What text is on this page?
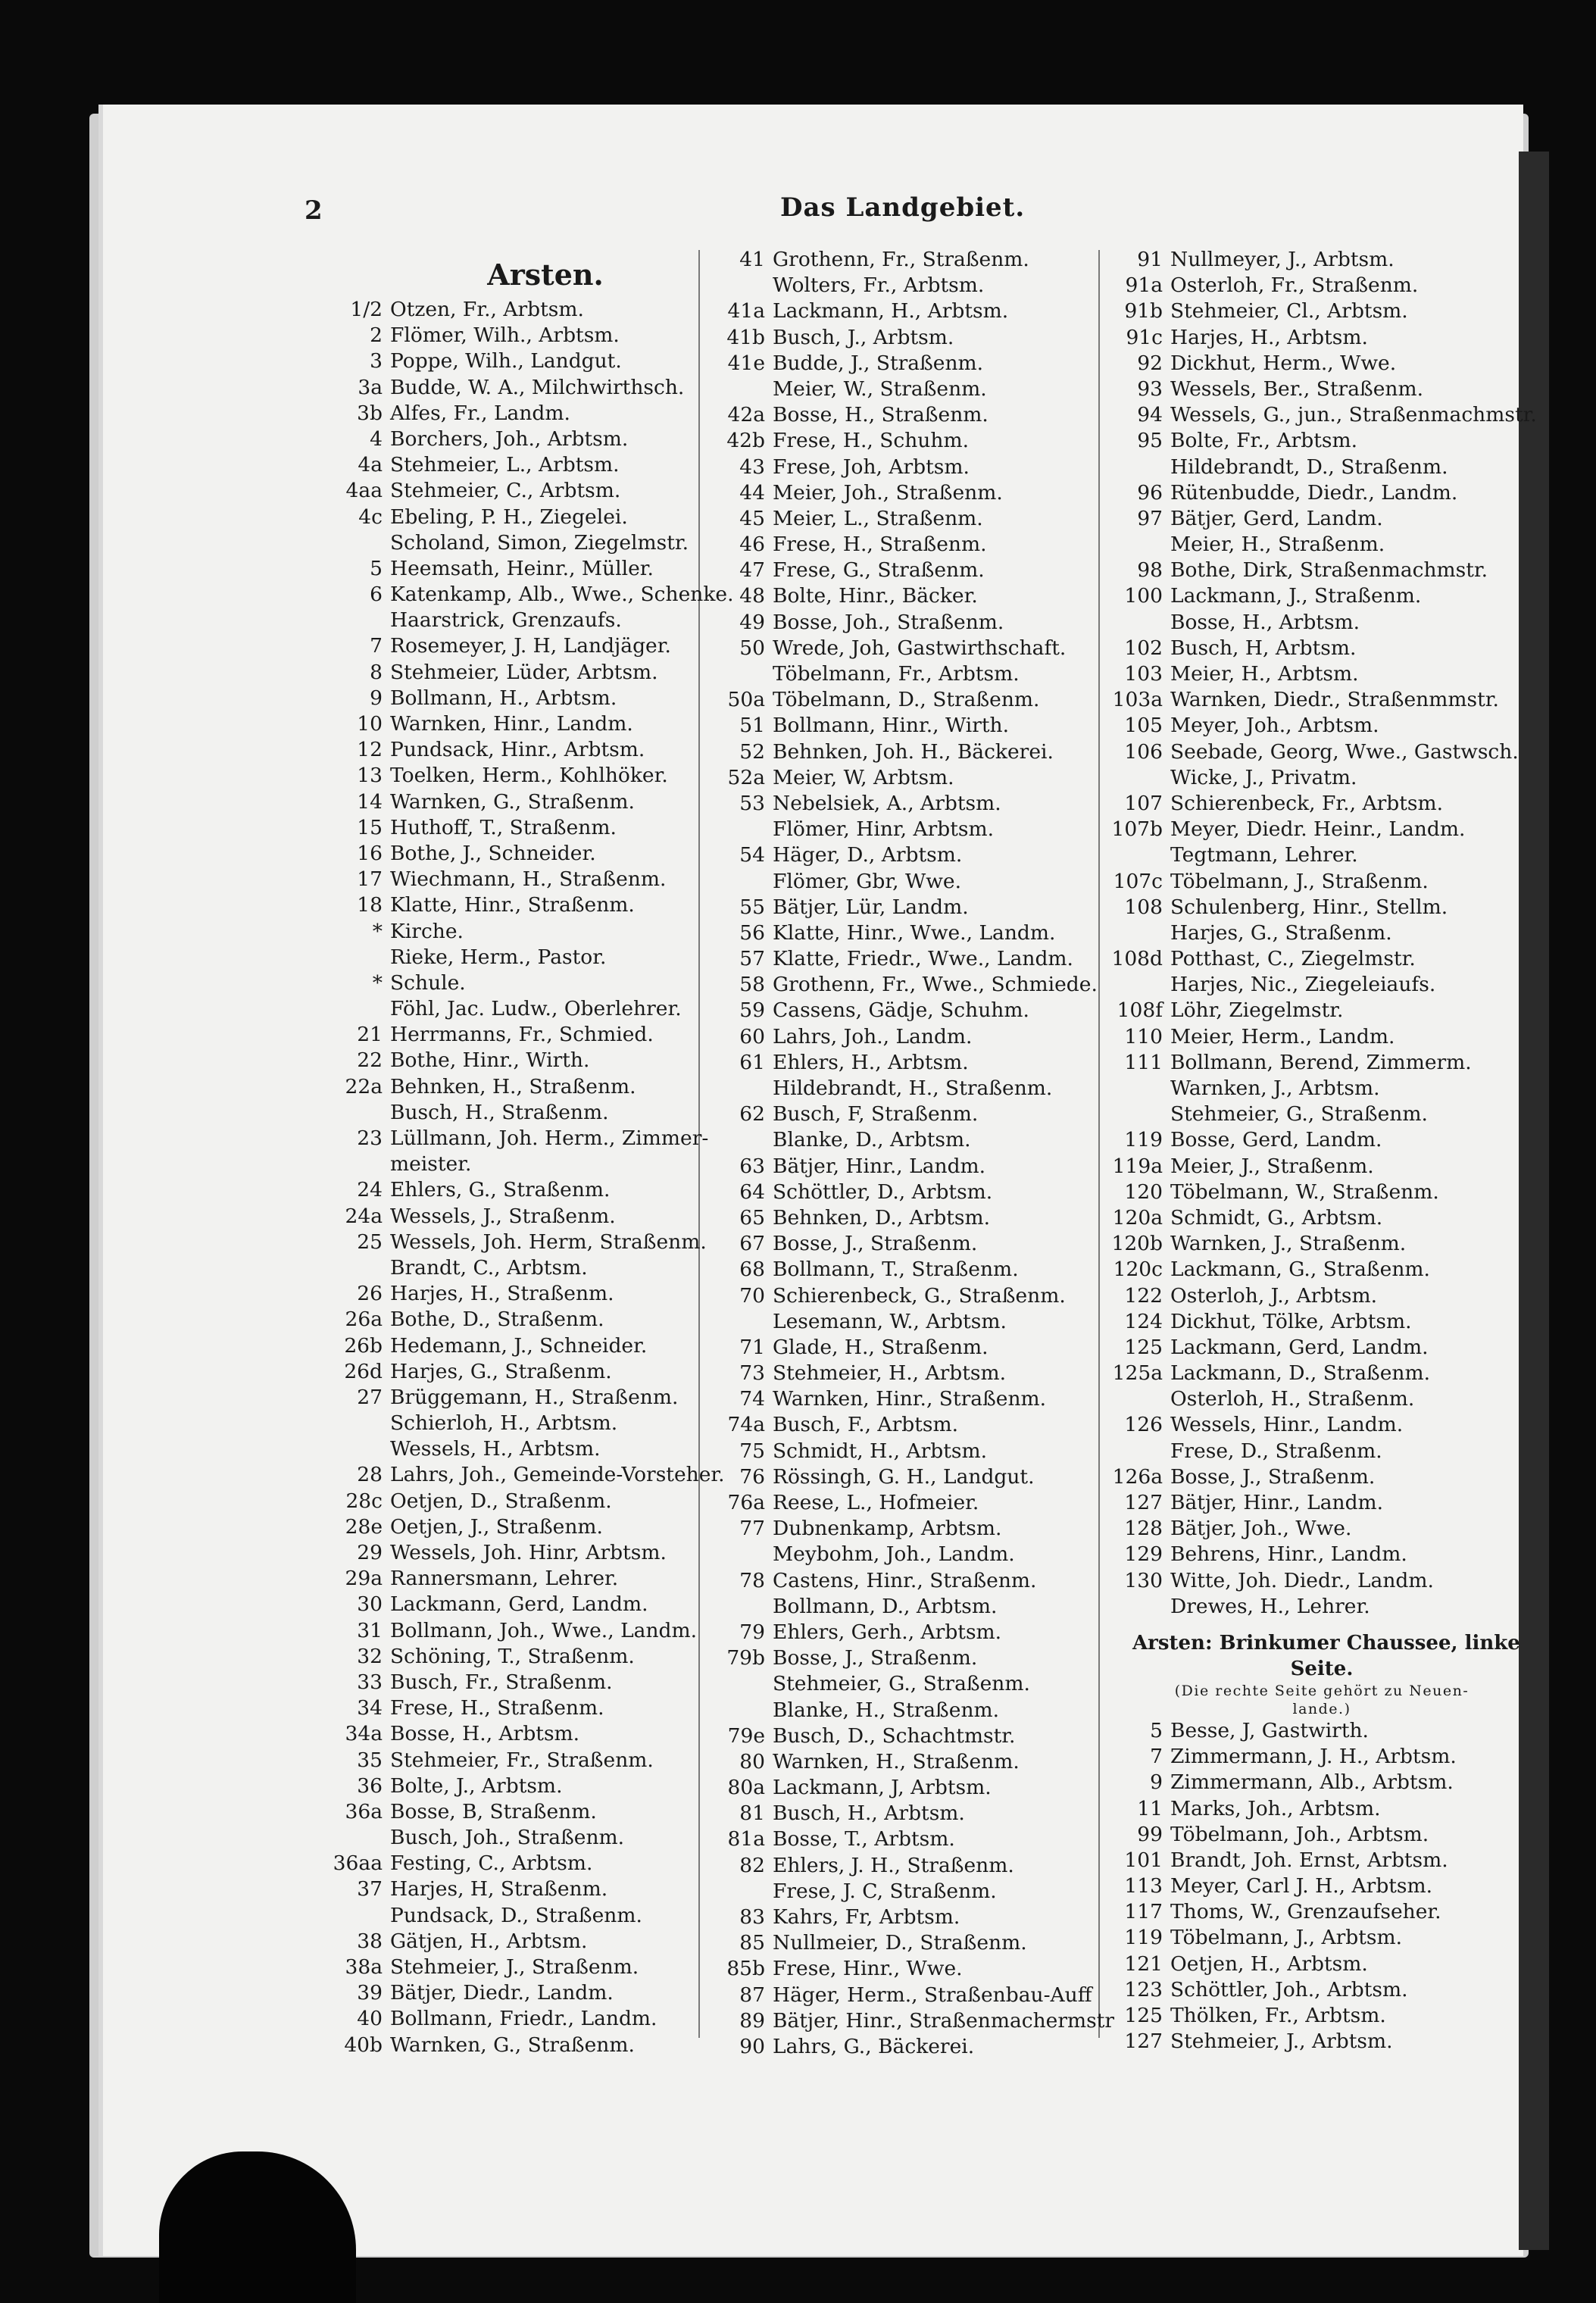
2	Das Landgebiet.
Arsten.
1/2 Otzen, Fr., Arbtsm.
2 Flömer, Wilh., Arbtsm.
3 Poppe, Wilh., Landgut.
3a Budde, W. A., Milchwirthsch.
3b Alfes, Fr., Landm.
4 Borchers, Joh., Arbtsm.
4a Stehmeier, L., Arbtsm.
4aa Stehmeier, C., Arbtsm.
4c Ebeling, P. H., Ziegelei.
Scholand, Simon, Ziegelmstr.
5 Heemsath, Heinr., Müller.
6 Katenkamp, Alb., Wwe., Schenke.
Haarstrick, Grenzaufs.
7 Rosemeyer, J. H, Landjäger.
8 Stehmeier, Lüder, Arbtsm.
9 Bollmann, H., Arbtsm.
10 Warnken, Hinr., Landm.
12 Pundsack, Hinr., Arbtsm.
13 Toelken, Herm., Kohlhöker.
14 Warnken, G., Straßenm.
15 Huthoff, T., Straßenm.
16 Bothe, J., Schneider.
17 Wiechmann, H., Straßenm.
18 Klatte, Hinr., Straßenm.
* Kirche.
Rieke, Herm., Pastor.
* Schule.
Föhl, Jac. Ludw., Oberlehrer.
21 Herrmanns, Fr., Schmied.
22 Bothe, Hinr., Wirth.
22a Behnken, H., Straßenm.
Busch, H., Straßenm.
23 Lüllmann, Joh. Herm., Zimmer-
meister.
24 Ehlers, G., Straßenm.
24a Wessels, J., Straßenm.
25 Wessels, Joh. Herm, Straßenm.
Brandt, C., Arbtsm.
26 Harjes, H., Straßenm.
26a Bothe, D., Straßenm.
26b Hedemann, J., Schneider.
26d Harjes, G., Straßenm.
27 Brüggemann, H., Straßenm.
Schierloh, H., Arbtsm.
Wessels, H., Arbtsm.
28 Lahrs, Joh., Gemeinde-Vorsteher.
28c Oetjen, D., Straßenm.
28e Oetjen, J., Straßenm.
29 Wessels, Joh. Hinr, Arbtsm.
29a Rannersmann, Lehrer.
30 Lackmann, Gerd, Landm.
31 Bollmann, Joh., Wwe., Landm.
32 Schöning, T., Straßenm.
33 Busch, Fr., Straßenm.
34 Frese, H., Straßenm.
34a Bosse, H., Arbtsm.
35 Stehmeier, Fr., Straßenm.
36 Bolte, J., Arbtsm.
36a Bosse, B, Straßenm.
Busch, Joh., Straßenm.
36aa Festing, C., Arbtsm.
37 Harjes, H, Straßenm.
Pundsack, D., Straßenm.
38 Gätjen, H., Arbtsm.
38a Stehmeier, J., Straßenm.
39 Bätjer, Diedr., Landm.
40 Bollmann, Friedr., Landm.
40b Warnken, G., Straßenm.
41 Grothenn, Fr., Straßenm.
Wolters, Fr., Arbtsm.
41a Lackmann, H., Arbtsm.
41b Busch, J., Arbtsm.
41e Budde, J., Straßenm.
Meier, W., Straßenm.
42a Bosse, H., Straßenm.
42b Frese, H., Schuhm.
43 Frese, Joh, Arbtsm.
44 Meier, Joh., Straßenm.
45 Meier, L., Straßenm.
46 Frese, H., Straßenm.
47 Frese, G., Straßenm.
48 Bolte, Hinr., Bäcker.
49 Bosse, Joh., Straßenm.
50 Wrede, Joh, Gastwirthschaft.
Töbelmann, Fr., Arbtsm.
50a Töbelmann, D., Straßenm.
51 Bollmann, Hinr., Wirth.
52 Behnken, Joh. H., Bäckerei.
52a Meier, W, Arbtsm.
53 Nebelsiek, A., Arbtsm.
Flömer, Hinr, Arbtsm.
54 Häger, D., Arbtsm.
Flömer, Gbr, Wwe.
55 Bätjer, Lür, Landm.
56 Klatte, Hinr., Wwe., Landm.
57 Klatte, Friedr., Wwe., Landm.
58 Grothenn, Fr., Wwe., Schmiede.
59 Cassens, Gädje, Schuhm.
60 Lahrs, Joh., Landm.
61 Ehlers, H., Arbtsm.
Hildebrandt, H., Straßenm.
62 Busch, F, Straßenm.
Blanke, D., Arbtsm.
63 Bätjer, Hinr., Landm.
64 Schöttler, D., Arbtsm.
65 Behnken, D., Arbtsm.
67 Bosse, J., Straßenm.
68 Bollmann, T., Straßenm.
70 Schierenbeck, G., Straßenm.
Lesemann, W., Arbtsm.
71 Glade, H., Straßenm.
73 Stehmeier, H., Arbtsm.
74 Warnken, Hinr., Straßenm.
74a Busch, F., Arbtsm.
75 Schmidt, H., Arbtsm.
76 Rössingh, G. H., Landgut.
76a Reese, L., Hofmeier.
77 Dubnenkamp, Arbtsm.
Meybohm, Joh., Landm.
78 Castens, Hinr., Straßenm.
Bollmann, D., Arbtsm.
79 Ehlers, Gerh., Arbtsm.
79b Bosse, J., Straßenm.
Stehmeier, G., Straßenm.
Blanke, H., Straßenm.
79e Busch, D., Schachtmstr.
80 Warnken, H., Straßenm.
80a Lackmann, J, Arbtsm.
81 Busch, H., Arbtsm.
81a Bosse, T., Arbtsm.
82 Ehlers, J. H., Straßenm.
Frese, J. C, Straßenm.
83 Kahrs, Fr, Arbtsm.
85 Nullmeier, D., Straßenm.
85b Frese, Hinr., Wwe.
87 Häger, Herm., Straßenbau-Auff
89 Bätjer, Hinr., Straßenmachermstr
90 Lahrs, G., Bäckerei.
91 Nullmeyer, J., Arbtsm.
91a Osterloh, Fr., Straßenm.
91b Stehmeier, Cl., Arbtsm.
91c Harjes, H., Arbtsm.
92 Dickhut, Herm., Wwe.
93 Wessels, Ber., Straßenm.
94 Wessels, G., jun., Straßenmachmstr.
95 Bolte, Fr., Arbtsm.
Hildebrandt, D., Straßenm.
96 Rütenbudde, Diedr., Landm.
97 Bätjer, Gerd, Landm.
Meier, H., Straßenm.
98 Bothe, Dirk, Straßenmachmstr.
100 Lackmann, J., Straßenm.
Bosse, H., Arbtsm.
102 Busch, H, Arbtsm.
103 Meier, H., Arbtsm.
103a Warnken, Diedr., Straßenmmstr.
105 Meyer, Joh., Arbtsm.
106 Seebade, Georg, Wwe., Gastwsch.
Wicke, J., Privatm.
107 Schierenbeck, Fr., Arbtsm.
107b Meyer, Diedr. Heinr., Landm.
Tegtmann, Lehrer.
107c Töbelmann, J., Straßenm.
108 Schulenberg, Hinr., Stellm.
Harjes, G., Straßenm.
108d Potthast, C., Ziegelmstr.
Harjes, Nic., Ziegeleiaufs.
108f Löhr, Ziegelmstr.
110 Meier, Herm., Landm.
111 Bollmann, Berend, Zimmerm.
Warnken, J., Arbtsm.
Stehmeier, G., Straßenm.
119 Bosse, Gerd, Landm.
119a Meier, J., Straßenm.
120 Töbelmann, W., Straßenm.
120a Schmidt, G., Arbtsm.
120b Warnken, J., Straßenm.
120c Lackmann, G., Straßenm.
122 Osterloh, J., Arbtsm.
124 Dickhut, Tölke, Arbtsm.
125 Lackmann, Gerd, Landm.
125a Lackmann, D., Straßenm.
Osterloh, H., Straßenm.
126 Wessels, Hinr., Landm.
Frese, D., Straßenm.
126a Bosse, J., Straßenm.
127 Bätjer, Hinr., Landm.
128 Bätjer, Joh., Wwe.
129 Behrens, Hinr., Landm.
130 Witte, Joh. Diedr., Landm.
Drewes, H., Lehrer.
Arsten: Brinkumer Chaussee, linke
Seite.
(Die rechte Seite gehört zu Neuen-
lande.)
5 Besse, J, Gastwirth.
7 Zimmermann, J. H., Arbtsm.
9 Zimmermann, Alb., Arbtsm.
11 Marks, Joh., Arbtsm.
99 Töbelmann, Joh., Arbtsm.
101 Brandt, Joh. Ernst, Arbtsm.
113 Meyer, Carl J. H., Arbtsm.
117 Thoms, W., Grenzaufseher.
119 Töbelmann, J., Arbtsm.
121 Oetjen, H., Arbtsm.
123 Schöttler, Joh., Arbtsm.
125 Thölken, Fr., Arbtsm.
127 Stehmeier, J., Arbtsm.
